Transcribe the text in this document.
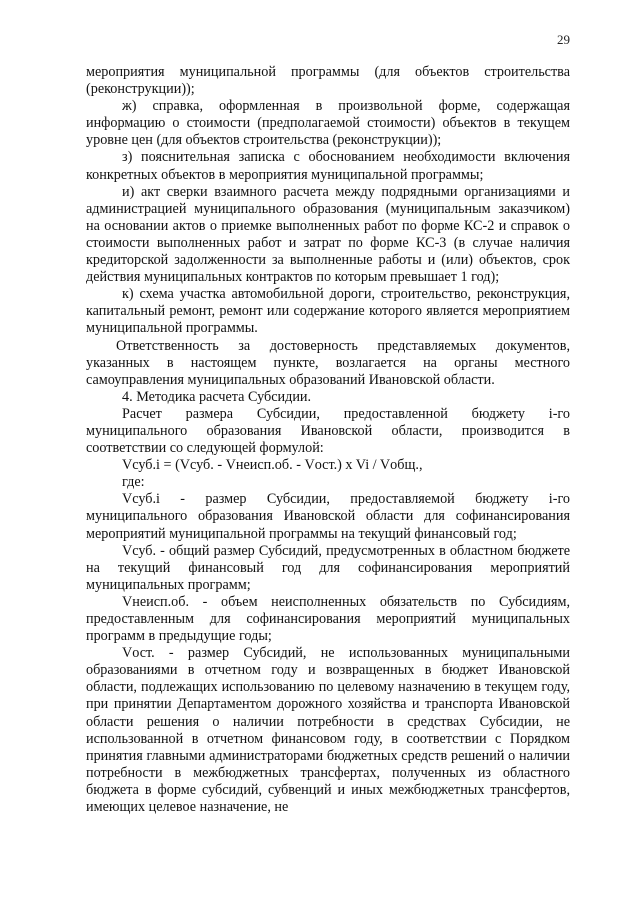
29

мероприятия муниципальной программы (для объектов строительства (реконструкции));

ж) справка, оформленная в произвольной форме, содержащая информацию о стоимости (предполагаемой стоимости) объектов в текущем уровне цен (для объектов строительства (реконструкции));

з) пояснительная записка с обоснованием необходимости включения конкретных объектов в мероприятия муниципальной программы;

и) акт сверки взаимного расчета между подрядными организациями и администрацией муниципального образования (муниципальным заказчиком) на основании актов о приемке выполненных работ по форме КС-2 и справок о стоимости выполненных работ и затрат по форме КС-3 (в случае наличия кредиторской задолженности за выполненные работы и (или) объектов, срок действия муниципальных контрактов по которым превышает 1 год);

к) схема участка автомобильной дороги, строительство, реконструкция, капитальный ремонт, ремонт или содержание которого является мероприятием муниципальной программы.

Ответственность за достоверность представляемых документов, указанных в настоящем пункте, возлагается на органы местного самоуправления муниципальных образований Ивановской области.

4. Методика расчета Субсидии.

Расчет размера Субсидии, предоставленной бюджету i-го муниципального образования Ивановской области, производится в соответствии со следующей формулой:

Vсуб.i = (Vсуб. - Vнеисп.об. - Vост.) x Vi / Vобщ.,

где:

Vсуб.i - размер Субсидии, предоставляемой бюджету i-го муниципального образования Ивановской области для софинансирования мероприятий муниципальной программы на текущий финансовый год;

Vсуб. - общий размер Субсидий, предусмотренных в областном бюджете на текущий финансовый год для софинансирования мероприятий муниципальных программ;

Vнеисп.об. - объем неисполненных обязательств по Субсидиям, предоставленным для софинансирования мероприятий муниципальных программ в предыдущие годы;

Vост. - размер Субсидий, не использованных муниципальными образованиями в отчетном году и возвращенных в бюджет Ивановской области, подлежащих использованию по целевому назначению в текущем году, при принятии Департаментом дорожного хозяйства и транспорта Ивановской области решения о наличии потребности в средствах Субсидии, не использованной в отчетном финансовом году, в соответствии с Порядком принятия главными администраторами бюджетных средств решений о наличии потребности в межбюджетных трансфертах, полученных из областного бюджета в форме субсидий, субвенций и иных межбюджетных трансфертов, имеющих целевое назначение, не
